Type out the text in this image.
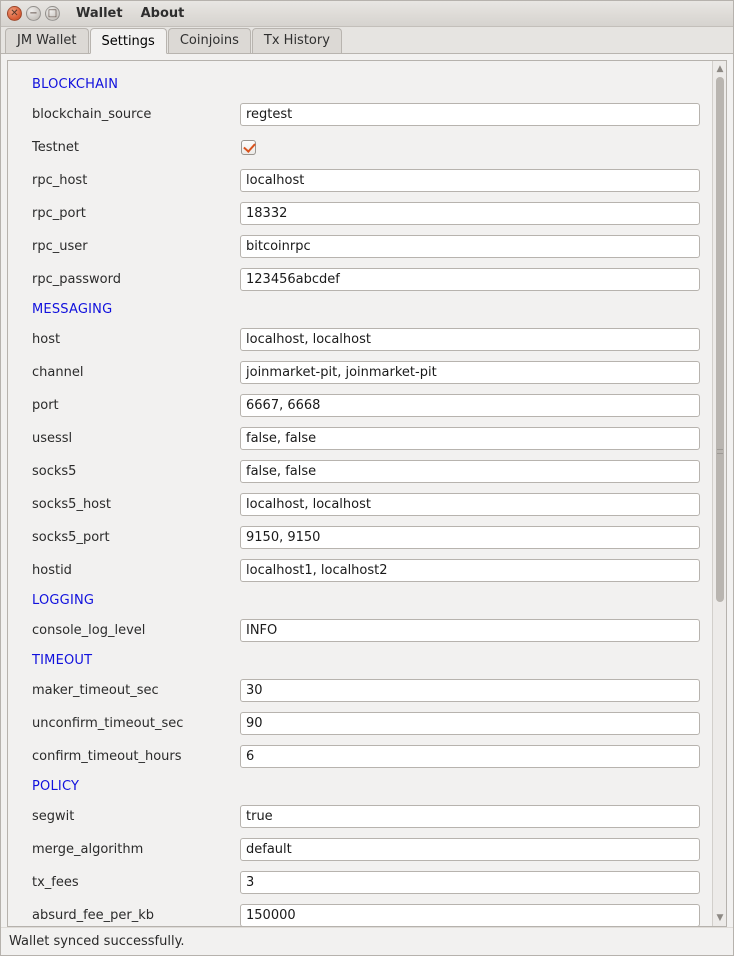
✕ − □ Wallet About
JM Wallet	Settings	Coinjoins	Tx History
BLOCKCHAIN
blockchain_source	regtest
Testnet
rpc_host	localhost
rpc_port	18332
rpc_user	bitcoinrpc
rpc_password	123456abcdef
MESSAGING
host	localhost, localhost
channel	joinmarket-pit, joinmarket-pit
port	6667, 6668
usessl	false, false
socks5	false, false
socks5_host	localhost, localhost
socks5_port	9150, 9150
hostid	localhost1, localhost2
LOGGING
console_log_level	INFO
TIMEOUT
maker_timeout_sec	30
unconfirm_timeout_sec	90
confirm_timeout_hours	6
POLICY
segwit	true
merge_algorithm	default
tx_fees	3
absurd_fee_per_kb	150000
▲
▼
Wallet synced successfully.
